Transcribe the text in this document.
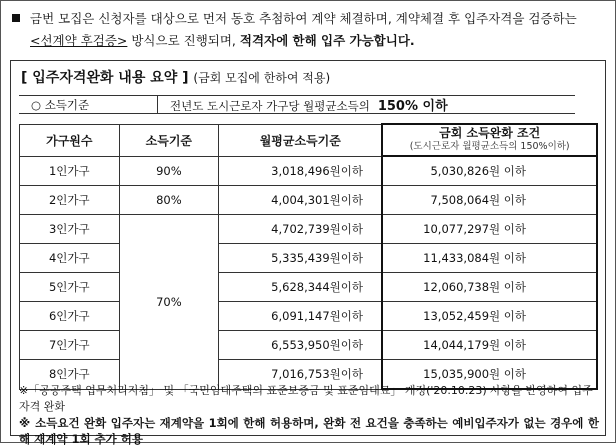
금번 모집은 신청자를 대상으로 먼저 동호 추첨하여 계약 체결하며, 계약체결 후 입주자격을 검증하는
<선계약 후검증> 방식으로 진행되며, 적격자에 한해 입주 가능합니다.
[ 입주자격완화 내용 요약 ] (금회 모집에 한하여 적용)
○ 소득기준	전년도 도시근로자 가구당 월평균소득의 150% 이하
가구원수	소득기준	월평균소득기준	금회 소득완화 조건
(도시근로자 월평균소득의 150%이하)

1인가구	90%	3,018,496원이하	5,030,826원 이하
2인가구	80%	4,004,301원이하	7,508,064원 이하
3인가구	70%	4,702,739원이하	10,077,297원 이하
4인가구		5,335,439원이하	11,433,084원 이하
5인가구		5,628,344원이하	12,060,738원 이하
6인가구		6,091,147원이하	13,052,459원 이하
7인가구		6,553,950원이하	14,044,179원 이하
8인가구		7,016,753원이하	15,035,900원 이하
※「공공주택 업무처리지침」 및 「국민임대주택의 표준보증금 및 표준임대료」 개정('20.10.23) 사항을 반영하여 입주자격 완화
※ 소득요건 완화 입주자는 재계약을 1회에 한해 허용하며, 완화 전 요건을 충족하는 예비입주자가 없는 경우에 한해 재계약 1회 추가 허용
